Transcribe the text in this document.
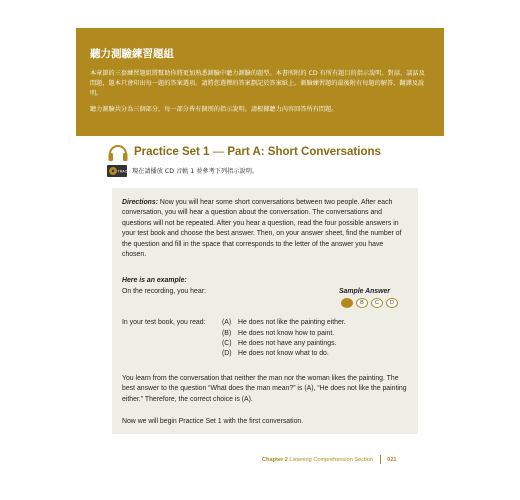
聽力測驗練習題組
本章節的三套練習題組將幫助你將更加熟悉測驗中聽力測驗的題型。本書所附的 CD 有所有題目的指示說明、對話、談話及問題，題本只會印出每一題的答案選項。請將您選擇的答案劃記於答案紙上。測驗練習題的最後附有每題的解答、翻譯及說明。
聽力測驗共分為三個部分，每一部分皆有個別的指示說明。請根據聽力內容回答所有問題。
Practice Set 1 — Part A: Short Conversations
TRACK 現在請播放 CD 音軌 1 並參考下列指示說明。
Directions: Now you will hear some short conversations between two people. After each conversation, you will hear a question about the conversation. The conversations and questions will not be repeated. After you hear a question, read the four possible answers in your test book and choose the best answer. Then, on your answer sheet, find the number of the question and fill in the space that corresponds to the letter of the answer you have chosen.
Here is an example:
On the recording, you hear:	Sample Answer
A	B	C	D
In your test book, you read:	(A) He does not like the painting either.
(B) He does not know how to paint.
(C) He does not have any paintings.
(D) He does not know what to do.
You learn from the conversation that neither the man nor the woman likes the painting. The best answer to the question “What does the man mean?” is (A), “He does not like the painting either.” Therefore, the correct choice is (A).
Now we will begin Practice Set 1 with the first conversation.
Chapter 2 Listening Comprehension Section	021
